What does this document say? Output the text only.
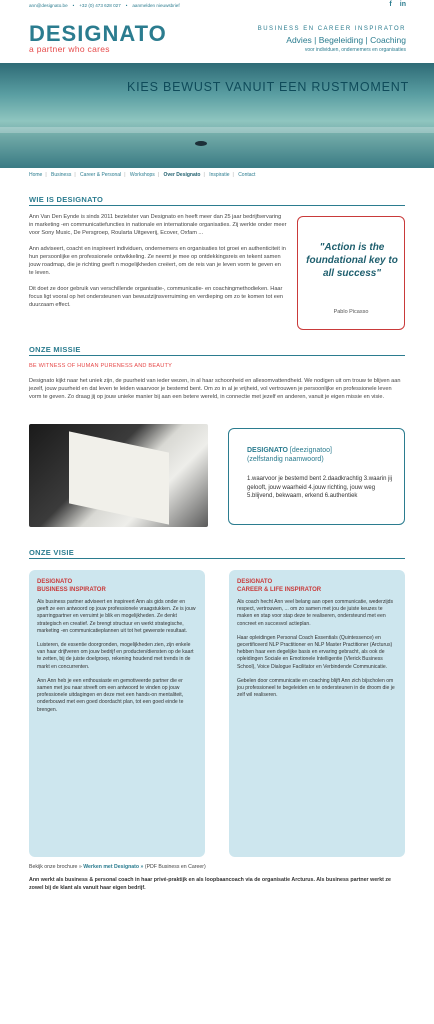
ann@designato.be • +32 (0) 473 628 027 • aanmelden nieuwsbrief	f in
DESIGNATO
a partner who cares
BUSINESS EN CAREER INSPIRATOR
Advies | Begeleiding | Coaching
voor individuen, ondernemers en organisaties
KIES BEWUST VANUIT EEN RUSTMOMENT
Home | Business | Career & Personal | Workshops | Over Designato | Inspiratie | Contact
WIE IS DESIGNATO

Ann Van Den Eynde is sinds 2011 bezielster van Designato en heeft meer dan 25 jaar bedrijfservaring in marketing -en communicatiefuncties in nationale en internationale organisaties. Zij werkte onder meer voor Sony Music, De Persgroep, Roularta Uitgeverij, Ecover, Oxfam ...

Ann adviseert, coacht en inspireert individuen, ondernemers en organisaties tot groei en authenticiteit in hun persoonlijke en professionele ontwikkeling. Ze neemt je mee op ontdekkingsreis en tekent samen jouw roadmap, die je richting geeft n mogelijkheden creëert, om de reis van je leven vorm te geven en te leven.

Dit doet ze door gebruik van verschillende organisatie-, communicatie- en coachingmethodieken. Haar focus ligt vooral op het ondersteunen van bewustzijnsverruiming en verdieping om zo te komen tot een duurzaam effect.

"Action is the foundational key to all success"
Pablo Picasso
ONZE MISSIE
BE WITNESS OF HUMAN PURENESS AND BEAUTY
Designato kijkt naar het uniek zijn, de puurheid van ieder wezen, in al haar schoonheid en allesomvattendheid. We nodigen uit om trouw te blijven aan jezelf, jouw puurheid en dat leven te leiden waarvoor je bestemd bent. Om zo in al je vrijheid, vol vertrouwen je persoonlijke en professionele leven vorm te geven. Zo draag jij op jouw unieke manier bij aan een betere wereld, in connectie met jezelf en anderen, vanuit je eigen missie en visie.
DESIGNATO [deezignatoo]
(zelfstandig naamwoord)
1.waarvoor je bestemd bent 2.daadkrachtig 3.waarin jij gelooft, jouw waarheid 4.jouw richting, jouw weg 5.blijvend, bekwaam, erkend 6.authentiek
ONZE VISIE
DESIGNATO
BUSINESS INSPIRATOR

Als business partner adviseert en inspireert Ann als gids onder en geeft ze een antwoord op jouw professionele vraagstukken. Ze is jouw sparringpartner en verruimt je blik en mogelijkheden. Ze denkt strategisch en creatief. Ze brengt structuur en werkt strategische, marketing -en communicatieplannen uit tot het gewenste resultaat.

Luisteren, de essentie doorgronden, mogelijkheden zien, zijn enkele van haar drijfveren om jouw bedrijf en producten/diensten op de kaart te zetten, bij de juiste doelgroep, rekening houdend met trends in de markt en concurrenten.

Ann Ann heb je een enthousiaste en gemotiveerde partner die er samen met jou naar streeft om een antwoord te vinden op jouw professionele uitdagingen en deze met een hands-on mentaliteit, onderbouwd met een goed doordacht plan, tot een goed einde te brengen.

DESIGNATO
CAREER & LIFE INSPIRATOR

Als coach hecht Ann veel belang aan open communicatie, wederzijds respect, vertrouwen, ... om zo samen met jou de juiste keuzes te maken en stap voor stap deze te realiseren, ondersteund met een concreet en succesvol actieplan.

Haar opleidingen Personal Coach Essentials (Quintessence) en gecertificeerd NLP Practitioner en NLP Master Practitioner (Arcturus) hebben haar een degelijke basis en ervaring gebracht, als ook de opleidingen Sociale en Emotionele Intelligentie (Vlerick Business School), Voice Dialogue Facilitator en Verbindende Communicatie.

Gebelen door communicatie en coaching blijft Ann zich bijscholen om jou professioneel te begeleiden en te ondersteunen in de droom die je zelf wil realiseren.

Bekijk onze brochure » Werken met Designato » (PDF Business en Career)
Ann werkt als business & personal coach in haar privé-praktijk en als loopbaancoach via de organisatie Arcturus. Als business partner werkt ze zowel bij de klant als vanuit haar eigen bedrijf.
